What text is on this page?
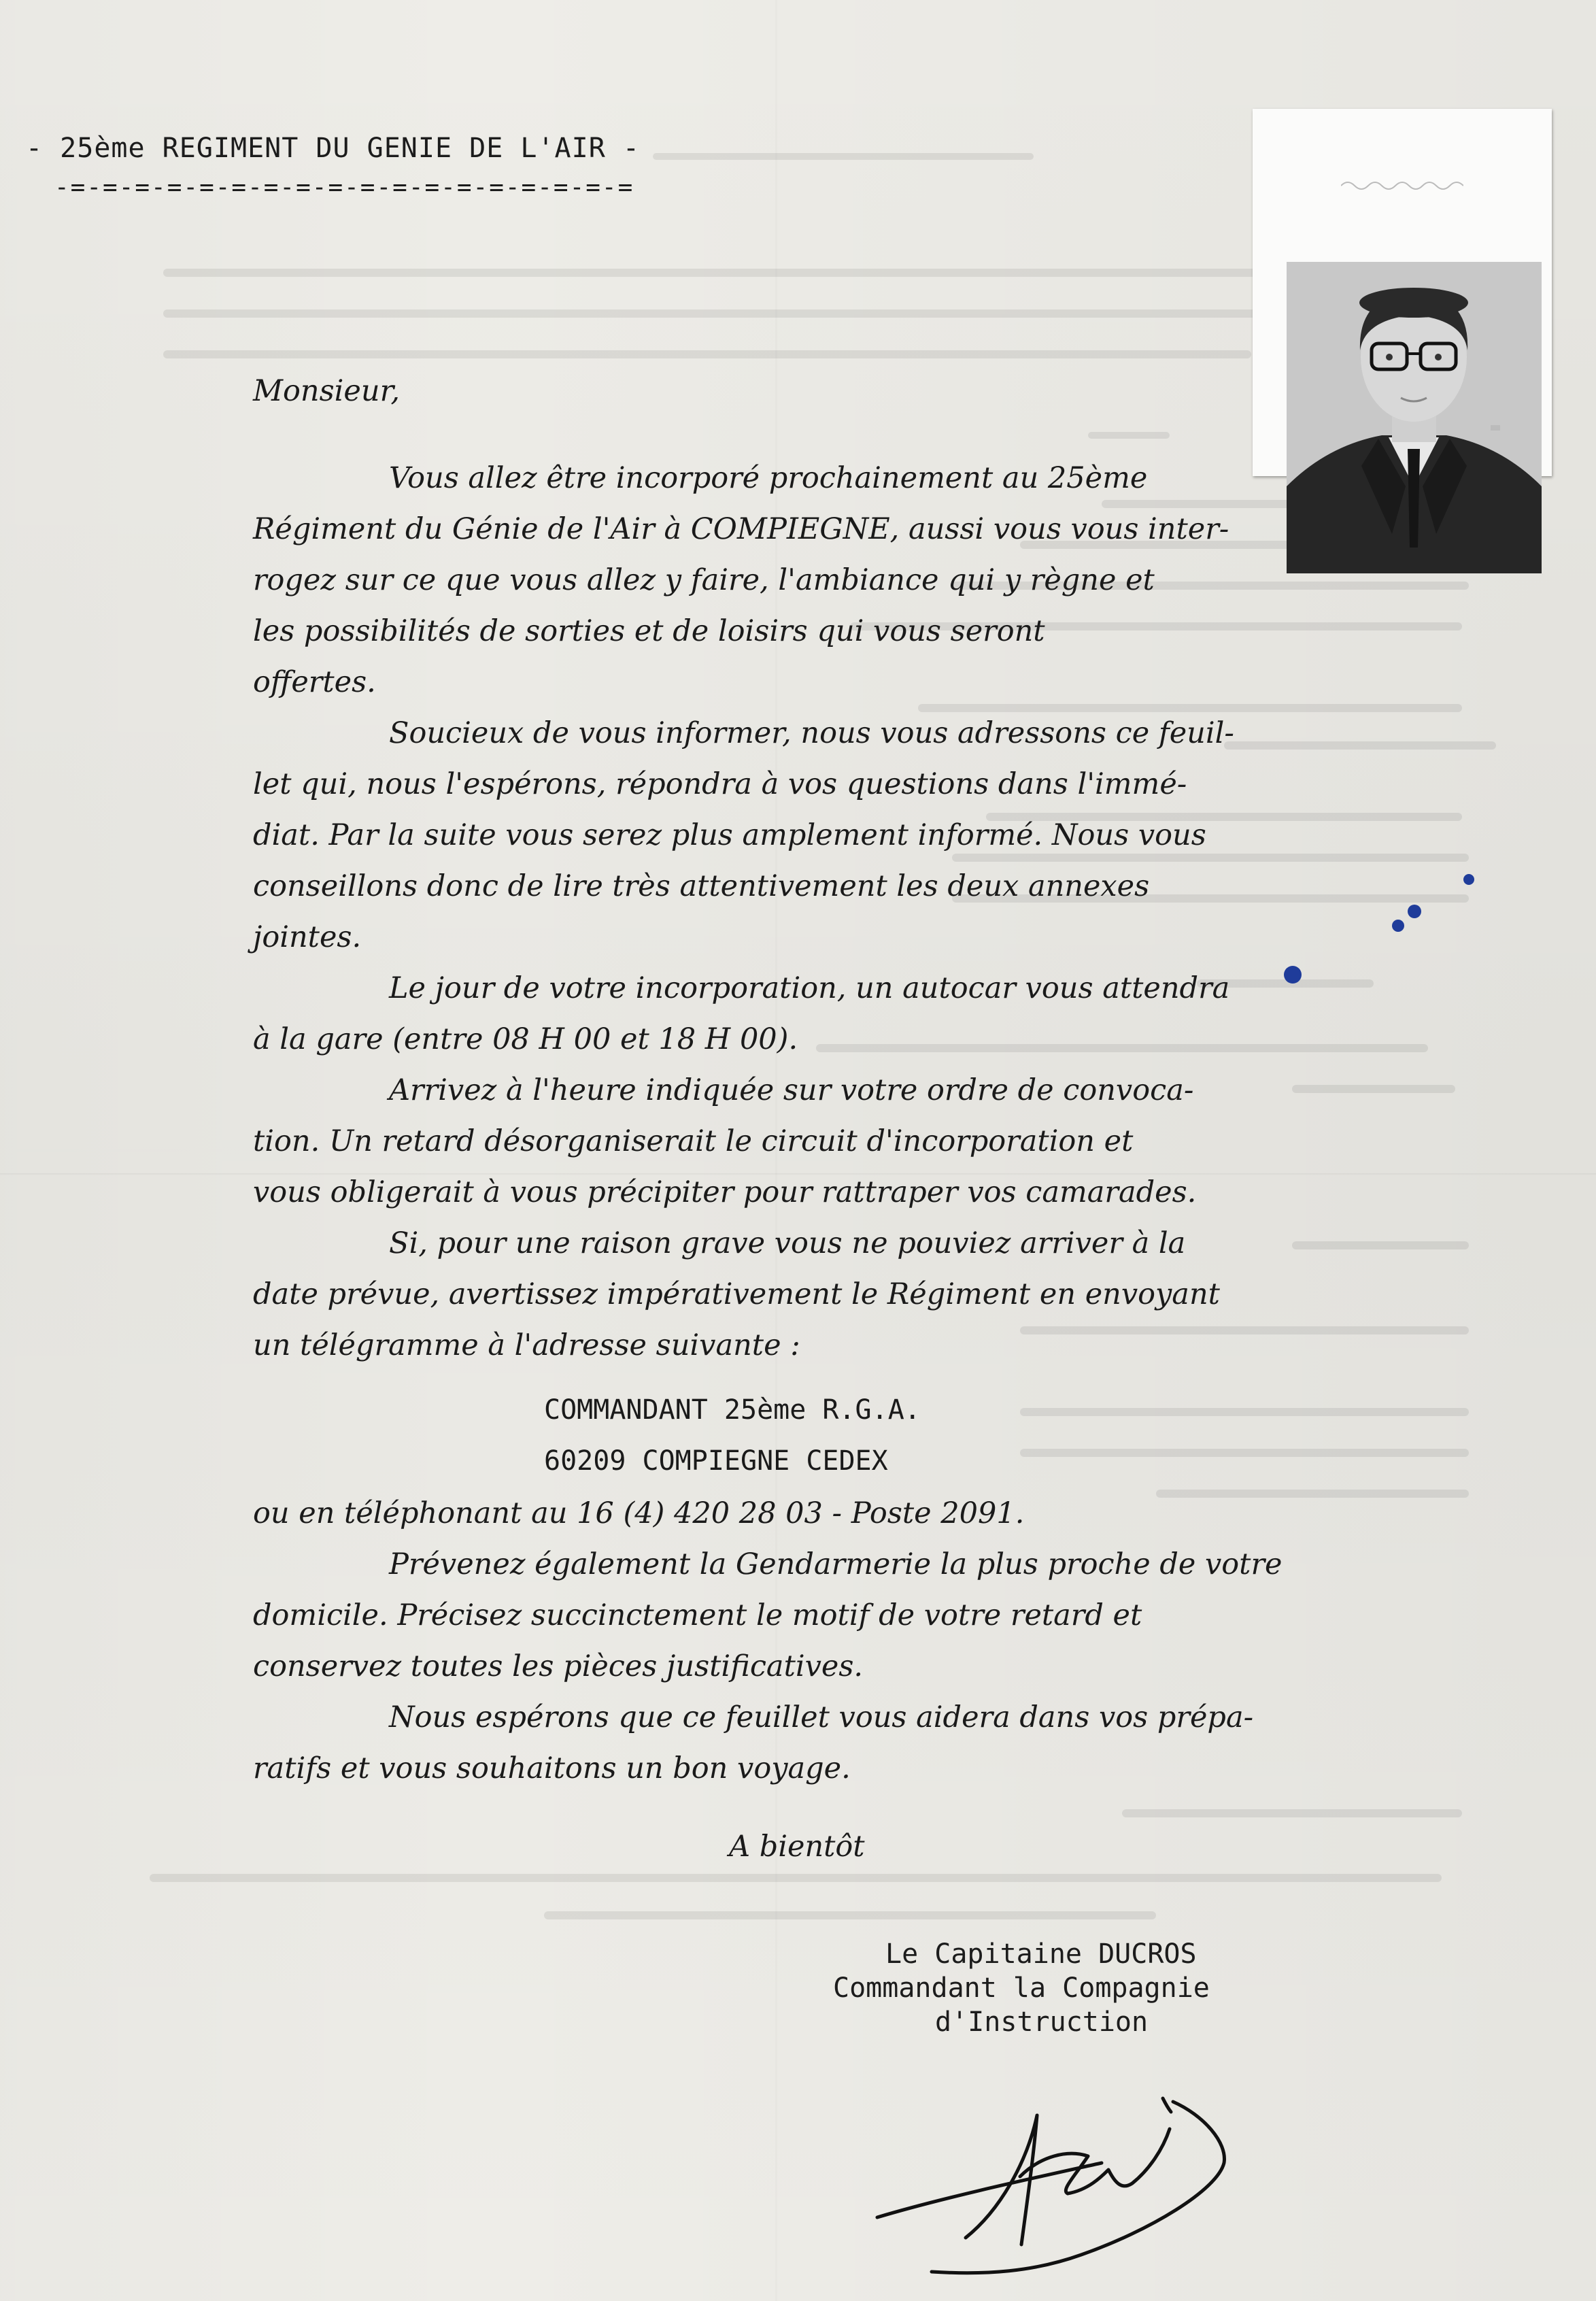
- 25ème REGIMENT DU GENIE DE L'AIR -
-=-=-=-=-=-=-=-=-=-=-=-=-=-=-=-=-=-=
Monsieur,
Vous allez être incorporé prochainement au 25ème
Régiment du Génie de l'Air à COMPIEGNE, aussi vous vous inter-
rogez sur ce que vous allez y faire, l'ambiance qui y règne et
les possibilités de sorties et de loisirs qui vous seront
offertes.
Soucieux de vous informer, nous vous adressons ce feuil-
let qui, nous l'espérons, répondra à vos questions dans l'immé-
diat. Par la suite vous serez plus amplement informé. Nous vous
conseillons donc de lire très attentivement les deux annexes
jointes.
Le jour de votre incorporation, un autocar vous attendra
à la gare (entre 08 H 00 et 18 H 00).
Arrivez à l'heure indiquée sur votre ordre de convoca-
tion. Un retard désorganiserait le circuit d'incorporation et
vous obligerait à vous précipiter pour rattraper vos camarades.
Si, pour une raison grave vous ne pouviez arriver à la
date prévue, avertissez impérativement le Régiment en envoyant
un télégramme à l'adresse suivante :
COMMANDANT 25ème R.G.A.
60209 COMPIEGNE CEDEX
ou en téléphonant au 16 (4) 420 28 03 - Poste 2091.
Prévenez également la Gendarmerie la plus proche de votre
domicile. Précisez succinctement le motif de votre retard et
conservez toutes les pièces justificatives.
Nous espérons que ce feuillet vous aidera dans vos prépa-
ratifs et vous souhaitons un bon voyage.
A bientôt
Le Capitaine DUCROS
Commandant la Compagnie
d'Instruction
